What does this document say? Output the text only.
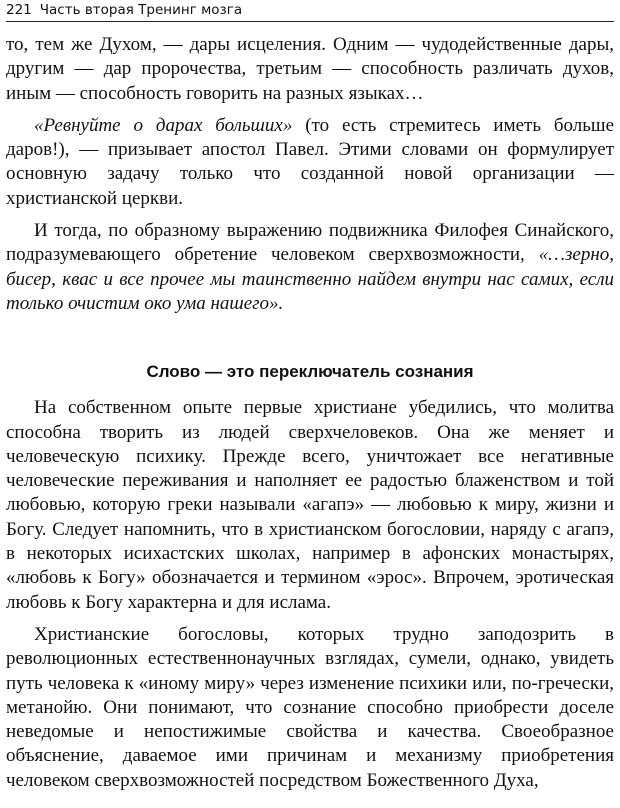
221 Часть вторая Тренинг мозга

то, тем же Духом, — дары исцеления. Одним — чудодейственные дары, другим — дар пророчества, третьим — способность различать духов, иным — способность говорить на разных языках…

«Ревнуйте о дарах больших» (то есть стремитесь иметь больше даров!), — призывает апостол Павел. Этими словами он формулирует основную задачу только что созданной новой организации — христианской церкви.

И тогда, по образному выражению подвижника Филофея Синайского, подразумевающего обретение человеком сверхвозможности, «…зерно, бисер, квас и все прочее мы таинственно найдем внутри нас самих, если только очистим око ума нашего».

Слово — это переключатель сознания

На собственном опыте первые христиане убедились, что молитва способна творить из людей сверхчеловеков. Она же меняет и человеческую психику. Прежде всего, уничтожает все негативные человеческие переживания и наполняет ее радостью блаженством и той любовью, которую греки называли «агапэ» — любовью к миру, жизни и Богу. Следует напомнить, что в христианском богословии, наряду с агапэ, в некоторых исихастских школах, например в афонских монастырях, «любовь к Богу» обозначается и термином «эрос». Впрочем, эротическая любовь к Богу характерна и для ислама.

Христианские богословы, которых трудно заподозрить в революционных естественнонаучных взглядах, сумели, однако, увидеть путь человека к «иному миру» через изменение психики или, по-гречески, метанойю. Они понимают, что сознание способно приобрести доселе неведомые и непостижимые свойства и качества. Своеобразное объяснение, даваемое ими причинам и механизму приобретения человеком сверхвозможностей посредством Божественного Духа,
